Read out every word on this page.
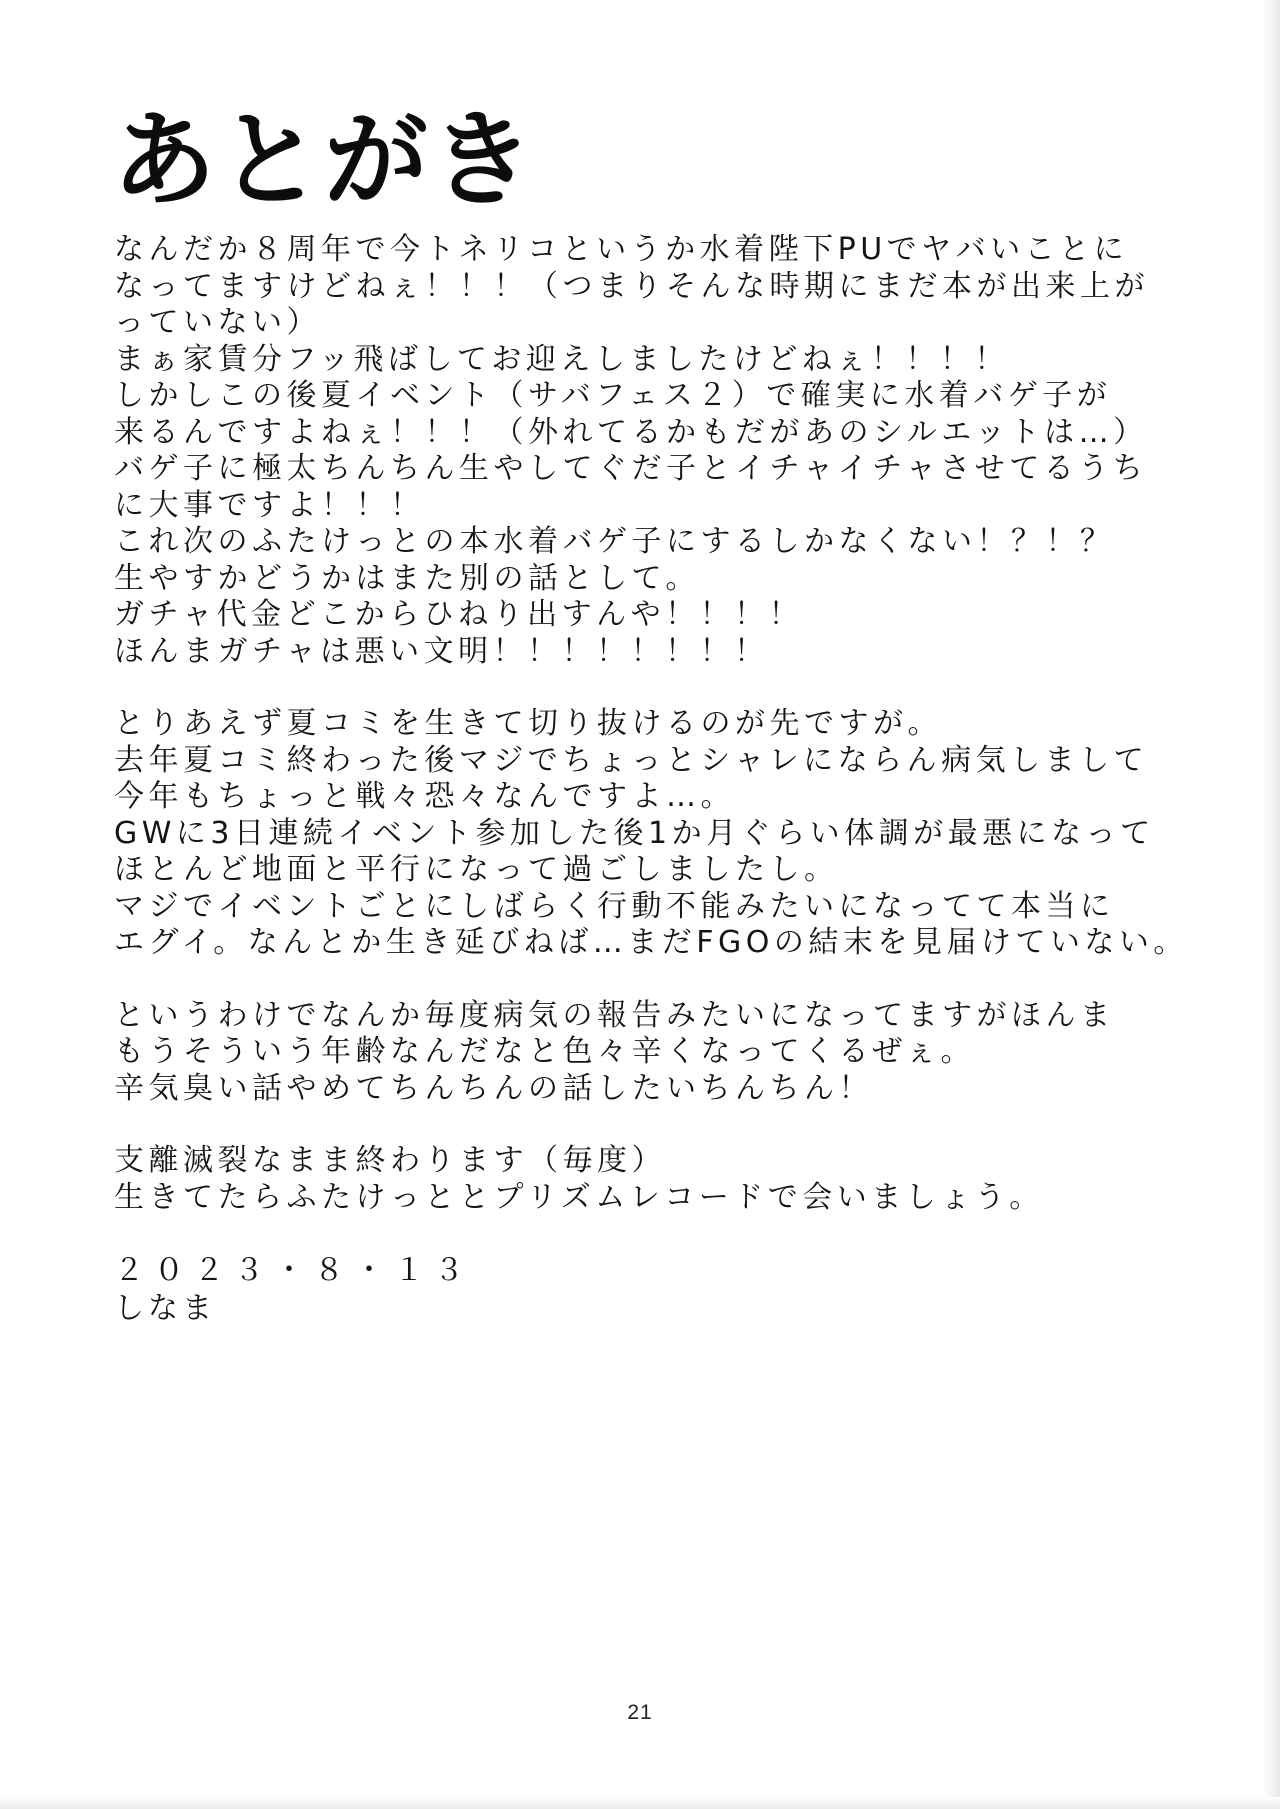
あとがき
なんだか８周年で今トネリコというか水着陛下PUでヤバいことに
なってますけどねぇ！！！（つまりそんな時期にまだ本が出来上が
っていない）
まぁ家賃分フッ飛ばしてお迎えしましたけどねぇ！！！！
しかしこの後夏イベント（サバフェス２）で確実に水着バゲ子が
来るんですよねぇ！！！（外れてるかもだがあのシルエットは…）
バゲ子に極太ちんちん生やしてぐだ子とイチャイチャさせてるうち
に大事ですよ！！！
これ次のふたけっとの本水着バゲ子にするしかなくない！？！？
生やすかどうかはまた別の話として。
ガチャ代金どこからひねり出すんや！！！！
ほんまガチャは悪い文明！！！！！！！！
とりあえず夏コミを生きて切り抜けるのが先ですが。
去年夏コミ終わった後マジでちょっとシャレにならん病気しまして
今年もちょっと戦々恐々なんですよ…。
GWに3日連続イベント参加した後1か月ぐらい体調が最悪になって
ほとんど地面と平行になって過ごしましたし。
マジでイベントごとにしばらく行動不能みたいになってて本当に
エグイ。なんとか生き延びねば…まだFGOの結末を見届けていない。
というわけでなんか毎度病気の報告みたいになってますがほんま
もうそういう年齢なんだなと色々辛くなってくるぜぇ。
辛気臭い話やめてちんちんの話したいちんちん！
支離滅裂なまま終わります（毎度）
生きてたらふたけっととプリズムレコードで会いましょう。
２０２３・８・１３
しなま
21
